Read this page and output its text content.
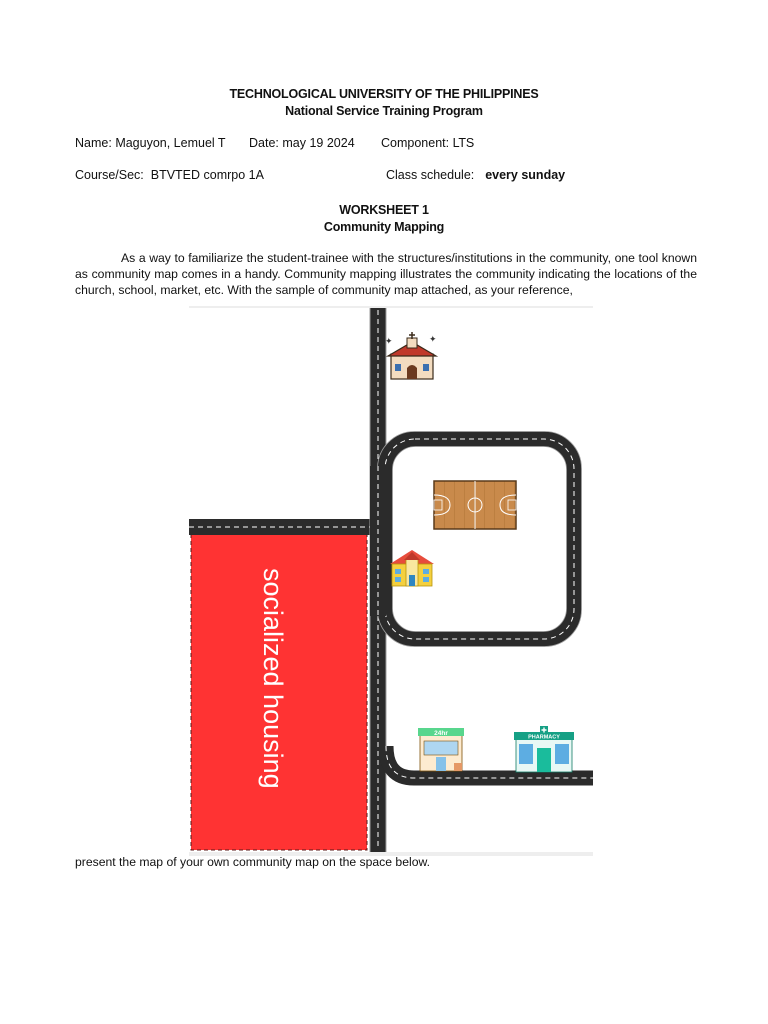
TECHNOLOGICAL UNIVERSITY OF THE PHILIPPINES
National Service Training Program
Name: Maguyon, Lemuel T Date: may 19 2024 Component: LTS
Course/Sec: BTVTED comrpo 1A	Class schedule: every sunday
WORKSHEET 1
Community Mapping

As a way to familiarize the student-trainee with the structures/institutions in the community, one tool known as community map comes in a handy. Community mapping illustrates the community indicating the locations of the church, school, market, etc. With the sample of community map attached, as your reference,

socialized housing
✦	✦
24hr
PHARMACY
present the map of your own community map on the space below.
